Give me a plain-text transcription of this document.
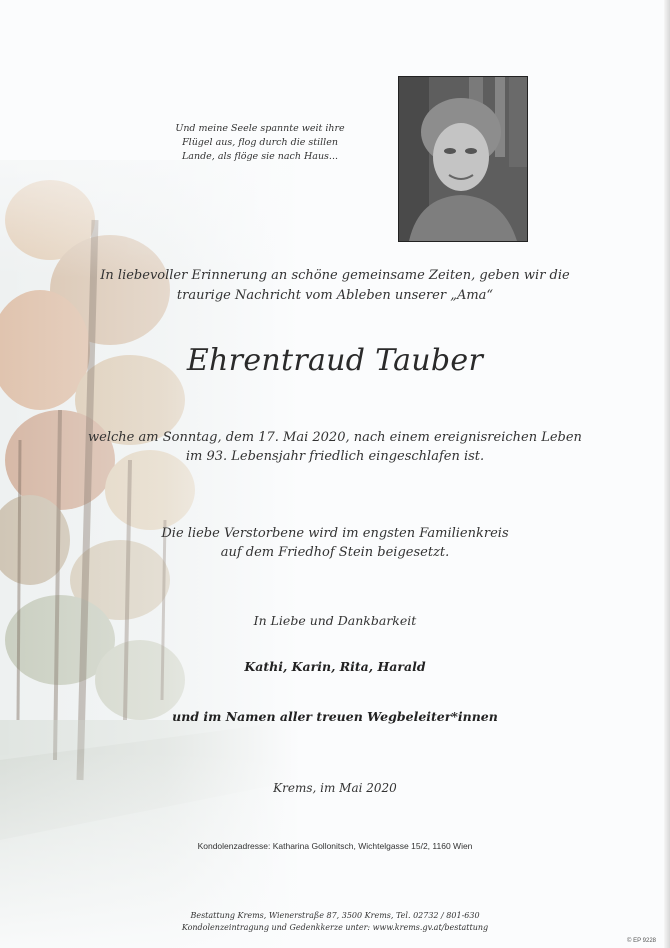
Und meine Seele spannte weit ihre
Flügel aus, flog durch die stillen
Lande, als flöge sie nach Haus...
In liebevoller Erinnerung an schöne gemeinsame Zeiten, geben wir die
traurige Nachricht vom Ableben unserer „Ama“
Ehrentraud Tauber
welche am Sonntag, dem 17. Mai 2020, nach einem ereignisreichen Leben
im 93. Lebensjahr friedlich eingeschlafen ist.
Die liebe Verstorbene wird im engsten Familienkreis
auf dem Friedhof Stein beigesetzt.
In Liebe und Dankbarkeit
Kathi, Karin, Rita, Harald
und im Namen aller treuen Wegbeleiter*innen
Krems, im Mai 2020
Kondolenzadresse: Katharina Gollonitsch, Wichtelgasse 15/2, 1160 Wien
Bestattung Krems, Wienerstraße 87, 3500 Krems, Tel. 02732 / 801-630
Kondolenzeintragung und Gedenkkerze unter: www.krems.gv.at/bestattung
© EP 9228
